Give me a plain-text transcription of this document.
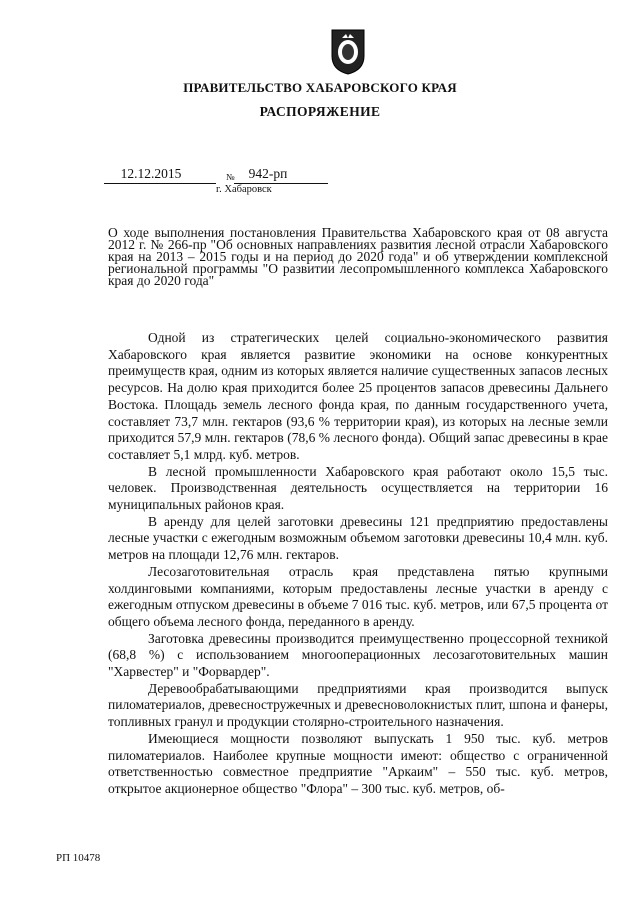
ПРАВИТЕЛЬСТВО ХАБАРОВСКОГО КРАЯ
РАСПОРЯЖЕНИЕ
12.12.2015	№	942-рп
г. Хабаровск
О ходе выполнения постановления Правительства Хабаровского края от 08 августа 2012 г. № 266-пр "Об основных направлениях развития лесной отрасли Хабаровского края на 2013 – 2015 годы и на период до 2020 года" и об утверждении комплексной региональной программы "О развитии лесопромышленного комплекса Хабаровского края до 2020 года"

Одной из стратегических целей социально-экономического развития Хабаровского края является развитие экономики на основе конкурентных преимуществ края, одним из которых является наличие существенных запасов лесных ресурсов. На долю края приходится более 25 процентов запасов древесины Дальнего Востока. Площадь земель лесного фонда края, по данным государственного учета, составляет 73,7 млн. гектаров (93,6 % территории края), из которых на лесные земли приходится 57,9 млн. гектаров (78,6 % лесного фонда). Общий запас древесины в крае составляет 5,1 млрд. куб. метров.

В лесной промышленности Хабаровского края работают около 15,5 тыс. человек. Производственная деятельность осуществляется на территории 16 муниципальных районов края.

В аренду для целей заготовки древесины 121 предприятию предоставлены лесные участки с ежегодным возможным объемом заготовки древесины 10,4 млн. куб. метров на площади 12,76 млн. гектаров.

Лесозаготовительная отрасль края представлена пятью крупными холдинговыми компаниями, которым предоставлены лесные участки в аренду с ежегодным отпуском древесины в объеме 7 016 тыс. куб. метров, или 67,5 процента от общего объема лесного фонда, переданного в аренду.

Заготовка древесины производится преимущественно процессорной техникой (68,8 %) с использованием многооперационных лесозаготовительных машин "Харвестер" и "Форвардер".

Деревообрабатывающими предприятиями края производится выпуск пиломатериалов, древесностружечных и древесноволокнистых плит, шпона и фанеры, топливных гранул и продукции столярно-строительного назначения.

Имеющиеся мощности позволяют выпускать 1 950 тыс. куб. метров пиломатериалов. Наиболее крупные мощности имеют: общество с ограниченной ответственностью совместное предприятие "Аркаим" – 550 тыс. куб. метров, открытое акционерное общество "Флора" – 300 тыс. куб. метров, об-

РП 10478
